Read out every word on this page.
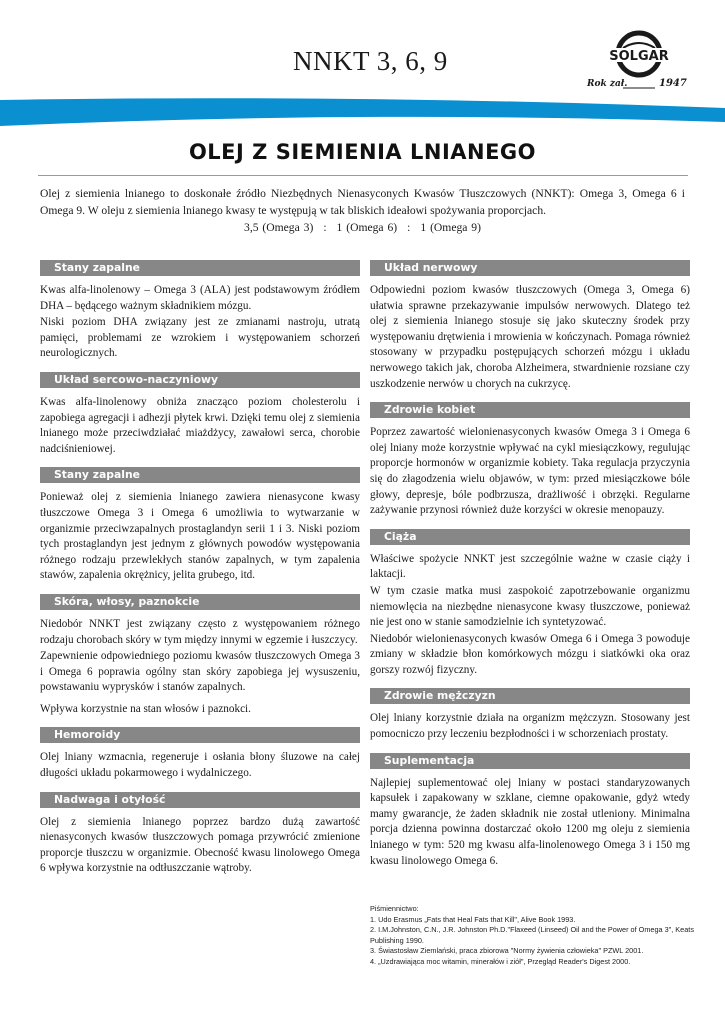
NNKT 3, 6, 9	SOLGAR
Rok zał.	1947
OLEJ Z SIEMIENIA LNIANEGO

Olej z siemienia lnianego to doskonałe źródło Niezbędnych Nienasyconych Kwasów Tłuszczowych (NNKT): Omega 3, Omega 6 i Omega 9. W oleju z siemienia lnianego kwasy te występują w tak bliskich ideałowi spożywania proporcjach.

3,5 (Omega 3) : 1 (Omega 6) : 1 (Omega 9)
Stany zapalne

Kwas alfa-linolenowy – Omega 3 (ALA) jest podstawowym źródłem DHA – będącego ważnym składnikiem mózgu.

Niski poziom DHA związany jest ze zmianami nastroju, utratą pamięci, problemami ze wzrokiem i występowaniem schorzeń neurologicznych.

Układ sercowo-naczyniowy

Kwas alfa-linolenowy obniża znacząco poziom cholesterolu i zapobiega agregacji i adhezji płytek krwi. Dzięki temu olej z siemienia lnianego może przeciwdziałać miażdżycy, zawałowi serca, chorobie nadciśnieniowej.

Stany zapalne

Ponieważ olej z siemienia lnianego zawiera nienasycone kwasy tłuszczowe Omega 3 i Omega 6 umożliwia to wytwarzanie w organizmie przeciwzapalnych prostaglandyn serii 1 i 3. Niski poziom tych prostaglandyn jest jednym z głównych powodów występowania różnego rodzaju przewlekłych stanów zapalnych, w tym zapalenia stawów, zapalenia okrężnicy, jelita grubego, itd.

Skóra, włosy, paznokcie

Niedobór NNKT jest związany często z występowaniem różnego rodzaju chorobach skóry w tym między innymi w egzemie i łuszczycy.

Zapewnienie odpowiedniego poziomu kwasów tłuszczowych Omega 3 i Omega 6 poprawia ogólny stan skóry zapobiega jej wysuszeniu, powstawaniu wyprysków i stanów zapalnych.

Wpływa korzystnie na stan włosów i paznokci.

Hemoroidy

Olej lniany wzmacnia, regeneruje i osłania błony śluzowe na całej długości układu pokarmowego i wydalniczego.

Nadwaga i otyłość

Olej z siemienia lnianego poprzez bardzo dużą zawartość nienasyconych kwasów tłuszczowych pomaga przywrócić zmienione proporcje tłuszczu w organizmie. Obecność kwasu linolowego Omega 6 wpływa korzystnie na odtłuszczanie wątroby.

Układ nerwowy

Odpowiedni poziom kwasów tłuszczowych (Omega 3, Omega 6) ułatwia sprawne przekazywanie impulsów nerwowych. Dlatego też olej z siemienia lnianego stosuje się jako skuteczny środek przy występowaniu drętwienia i mrowienia w kończynach. Pomaga również stosowany w przypadku postępujących schorzeń mózgu i układu nerwowego takich jak, choroba Alzheimera, stwardnienie rozsiane czy uszkodzenie nerwów u chorych na cukrzycę.

Zdrowie kobiet

Poprzez zawartość wielonienasyconych kwasów Omega 3 i Omega 6 olej lniany może korzystnie wpływać na cykl miesiączkowy, regulując proporcje hormonów w organizmie kobiety. Taka regulacja przyczynia się do złagodzenia wielu objawów, w tym: przed miesiączkowe bóle głowy, depresje, bóle podbrzusza, drażliwość i obrzęki. Regularne zażywanie przynosi również duże korzyści w okresie menopauzy.

Ciąża

Właściwe spożycie NNKT jest szczególnie ważne w czasie ciąży i laktacji.

W tym czasie matka musi zaspokoić zapotrzebowanie organizmu niemowlęcia na niezbędne nienasycone kwasy tłuszczowe, ponieważ nie jest ono w stanie samodzielnie ich syntetyzować.

Niedobór wielonienasyconych kwasów Omega 6 i Omega 3 powoduje zmiany w składzie błon komórkowych mózgu i siatkówki oka oraz gorszy rozwój fizyczny.

Zdrowie mężczyzn

Olej lniany korzystnie działa na organizm mężczyzn. Stosowany jest pomocniczo przy leczeniu bezpłodności i w schorzeniach prostaty.

Suplementacja

Najlepiej suplementować olej lniany w postaci standaryzowanych kapsułek i zapakowany w szklane, ciemne opakowanie, gdyż wtedy mamy gwarancje, że żaden składnik nie został utleniony. Minimalna porcja dzienna powinna dostarczać około 1200 mg oleju z siemienia lnianego w tym: 520 mg kwasu alfa-linolenowego Omega 3 i 150 mg kwasu linolowego Omega 6.

Piśmiennictwo:
1. Udo Erasmus „Fats that Heal Fats that Kill", Alive Book 1993.
2. I.M.Johnston, C.N., J.R. Johnston Ph.D."Flaxeed (Linseed) Oil and the Power of Omega 3", Keats Publishing 1990.
3. Świastosław Ziemlański, praca zbiorowa "Normy żywienia człowieka" PZWL 2001.
4. „Uzdrawiająca moc witamin, minerałów i ziół", Przegląd Reader's Digest 2000.
